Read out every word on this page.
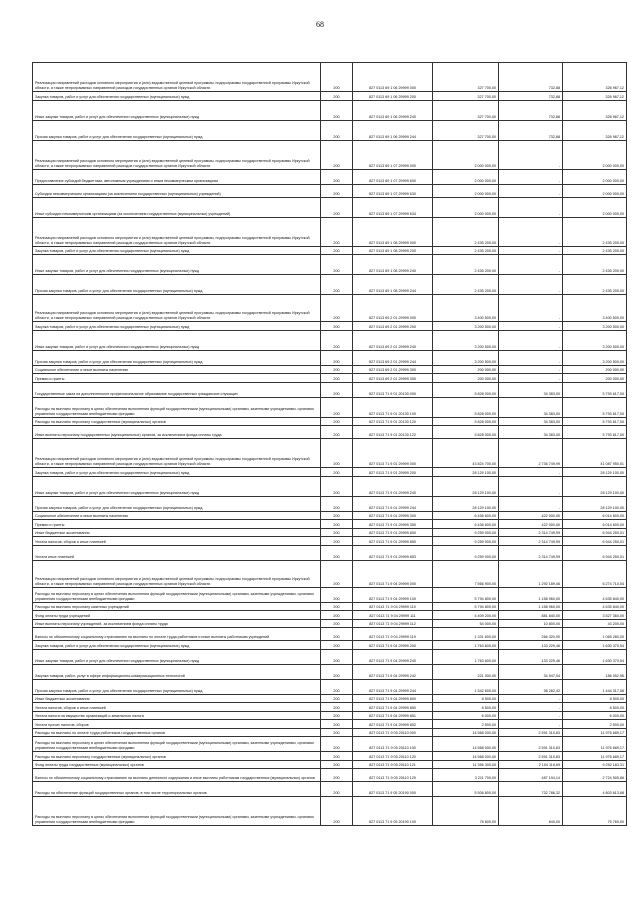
68
Реализация направлений расходов основного мероприятия и (или) ведомственной целевой программы, подпрограммы государственной программы Иркутской области, а также непрограммных направлений расходов государственных органов Иркутской области	200	827 0113 69 1 06 29999 000	327 700,00	732,88	326 967,12
Закупка товаров, работ и услуг для обеспечения государственных (муниципальных) нужд	200	827 0113 69 1 06 29999 200	327 700,00	732,88	326 967,12
Иные закупки товаров, работ и услуг для обеспечения государственных (муниципальных) нужд	200	827 0113 69 1 06 29999 240	327 700,00	732,88	326 967,12
Прочая закупка товаров, работ и услуг для обеспечения государственных (муниципальных) нужд	200	827 0113 69 1 06 29999 244	327 700,00	732,88	326 967,12
Реализация направлений расходов основного мероприятия и (или) ведомственной целевой программы, подпрограммы государственной программы Иркутской области, а также непрограммных направлений расходов государственных органов Иркутской области	200	827 0113 69 1 07 29999 000	2 000 000,00	-	2 000 000,00
Предоставление субсидий бюджетным, автономным учреждениям и иным некоммерческим организациям	200	827 0113 69 1 07 29999 600	2 000 000,00	-	2 000 000,00
Субсидии некоммерческим организациям (за исключением государственных (муниципальных) учреждений)	200	827 0113 69 1 07 29999 630	2 000 000,00	-	2 000 000,00
Иные субсидии некоммерческим организациям (за исключением государственных (муниципальных) учреждений)	200	827 0113 69 1 07 29999 634	2 000 000,00	-	2 000 000,00
Реализация направлений расходов основного мероприятия и (или) ведомственной целевой программы, подпрограммы государственной программы Иркутской области, а также непрограммных направлений расходов государственных органов Иркутской области	200	827 0113 69 1 08 29999 000	2 435 200,00	-	2 435 200,00
Закупка товаров, работ и услуг для обеспечения государственных (муниципальных) нужд	200	827 0113 69 1 08 29999 200	2 435 200,00	-	2 435 200,00
Иные закупки товаров, работ и услуг для обеспечения государственных (муниципальных) нужд	200	827 0113 69 1 08 29999 240	2 435 200,00	-	2 435 200,00
Прочая закупка товаров, работ и услуг для обеспечения государственных (муниципальных) нужд	200	827 0113 69 1 08 29999 244	2 435 200,00	-	2 435 200,00
Реализация направлений расходов основного мероприятия и (или) ведомственной целевой программы, подпрограммы государственной программы Иркутской области, а также непрограммных направлений расходов государственных органов Иркутской области	200	827 0113 69 2 01 29999 000	3 400 500,00	-	3 400 500,00
Закупка товаров, работ и услуг для обеспечения государственных (муниципальных) нужд	200	827 0113 69 2 01 29999 200	3 200 500,00	-	3 200 500,00
Иные закупки товаров, работ и услуг для обеспечения государственных (муниципальных) нужд	200	827 0113 69 2 01 29999 240	3 200 500,00	-	3 200 500,00
Прочая закупка товаров, работ и услуг для обеспечения государственных (муниципальных) нужд	200	827 0113 69 2 01 29999 244	3 200 500,00	-	3 200 500,00
Социальное обеспечение и иные выплаты населению	200	827 0113 69 2 01 29999 300	200 000,00	-	200 000,00
Премии и гранты	200	827 0113 69 2 01 29999 350	200 000,00	-	200 000,00
Государственные заказ на дополнительное профессиональное образование государственных гражданских служащих	200	827 0113 71 9 01 20130 000	5 828 000,00	34 383,00	5 793 617,00
Расходы на выплаты персоналу в целях обеспечения выполнения функций государственными (муниципальными) органами, казенными учреждениями, органами управления государственными внебюджетными фондами	200	827 0113 71 9 01 20130 100	5 828 000,00	34 383,00	5 793 617,00
Расходы на выплаты персоналу государственных (муниципальных) органов	200	827 0113 71 9 01 20130 120	5 828 000,00	34 383,00	5 793 617,00
Иные выплаты персоналу государственных (муниципальных) органов, за исключением фонда оплаты труда	200	827 0113 71 9 01 20130 122	5 828 000,00	34 383,00	5 793 617,00
Реализация направлений расходов основного мероприятия и (или) ведомственной целевой программы, подпрограммы государственной программы Иркутской области, а также непрограммных направлений расходов государственных органов Иркутской области	200	827 0113 71 9 01 29999 000	43 824 700,00	2 736 749,99	41 087 950,01
Закупка товаров, работ и услуг для обеспечения государственных (муниципальных) нужд	200	827 0113 71 9 01 29999 200	28 129 100,00	-	28 129 100,00
Иные закупки товаров, работ и услуг для обеспечения государственных (муниципальных) нужд	200	827 0113 71 9 01 29999 240	28 129 100,00	-	28 129 100,00
Прочая закупка товаров, работ и услуг для обеспечения государственных (муниципальных) нужд	200	827 0113 71 9 01 29999 244	28 129 100,00	-	28 129 100,00
Социальное обеспечение и иные выплаты населению	200	827 0113 71 9 01 29999 300	6 436 600,00	422 000,00	6 014 600,00
Премии и гранты	200	827 0113 71 9 01 29999 350	6 436 600,00	422 000,00	6 014 600,00
Иные бюджетные ассигнования	200	827 0113 71 9 01 29999 800	9 259 000,00	2 314 749,99	6 944 250,01
Уплата налогов, сборов и иных платежей	200	827 0113 71 9 01 29999 850	9 259 000,00	2 314 749,99	6 944 250,01
Уплата иных платежей	200	827 0113 71 9 01 29999 853	9 259 000,00	2 314 749,99	6 944 250,01
Реализация направлений расходов основного мероприятия и (или) ведомственной целевой программы, подпрограммы государственной программы Иркутской области, а также непрограммных направлений расходов государственных органов Иркутской области	200	827 0113 71 9 04 29999 000	7 566 900,00	1 292 189,46	6 274 710,54
Расходы на выплаты персоналу в целях обеспечения выполнения функций государственными (муниципальными) органами, казенными учреждениями, органами управления государственными внебюджетными фондами	200	827 0113 71 9 04 29999 100	5 794 800,00	1 158 960,00	4 635 840,00
Расходы на выплаты персоналу казенных учреждений	200	827 0113 71 9 04 29999 110	5 794 800,00	1 158 960,00	4 635 840,00
Фонд оплаты труда учреждений	200	827 0113 71 9 04 29999 111	4 409 200,00	881 840,00	3 527 360,00
Иные выплаты персоналу учреждений, за исключением фонда оплаты труда	200	827 0113 71 9 04 29999 112	54 000,00	10 800,00	43 200,00
Взносы по обязательному социальному страхованию на выплаты по оплате труда работников и иные выплаты работникам учреждений	200	827 0113 71 9 04 29999 119	1 331 600,00	266 320,00	1 065 280,00
Закупка товаров, работ и услуг для обеспечения государственных (муниципальных) нужд	200	827 0113 71 9 04 29999 200	1 763 600,00	133 229,46	1 630 370,54
Иные закупки товаров, работ и услуг для обеспечения государственных (муниципальных) нужд	200	827 0113 71 9 04 29999 240	1 763 600,00	133 229,46	1 630 370,54
Закупка товаров, работ, услуг в сфере информационно-коммуникационных технологий	200	827 0113 71 9 04 29999 242	221 000,00	34 947,04	186 052,96
Прочая закупка товаров, работ и услуг для обеспечения государственных (муниципальных) нужд	200	827 0113 71 9 04 29999 244	1 542 600,00	98 282,42	1 444 317,58
Иные бюджетные ассигнования	200	827 0113 71 9 04 29999 800	8 500,00	-	8 500,00
Уплата налогов, сборов и иных платежей	200	827 0113 71 9 04 29999 850	8 500,00	-	8 500,00
Уплата налога на имущество организаций и земельного налога	200	827 0113 71 9 04 29999 851	6 000,00	-	6 000,00
Уплата прочих налогов, сборов	200	827 0113 71 9 04 29999 852	2 500,00	-	2 500,00
Расходы на выплаты по оплате труда работников государственных органов	200	827 0113 71 9 05 20110 000	14 568 000,00	2 591 310,83	11 976 689,17
Расходы на выплаты персоналу в целях обеспечения выполнения функций государственными (муниципальными) органами, казенными учреждениями, органами управления государственными внебюджетными фондами	200	827 0113 71 9 05 20110 100	14 568 000,00	2 591 310,83	11 976 689,17
Расходы на выплаты персоналу государственных (муниципальных) органов	200	827 0113 71 9 05 20110 120	14 568 000,00	2 591 310,83	11 976 689,17
Фонд оплаты труда государственных (муниципальных) органов	200	827 0113 71 9 05 20110 121	11 356 300,00	2 104 116,69	9 252 183,31
Взносы по обязательному социальному страхованию на выплаты денежного содержания и иные выплаты работникам государственных (муниципальных) органов	200	827 0113 71 9 05 20110 129	3 211 700,00	487 194,14	2 724 505,86
Расходы на обеспечение функций государственных органов, в том числе территориальных органов	200	827 0113 71 9 05 20190 000	5 506 800,00	732 786,32	4 803 613,68
Расходы на выплаты персоналу в целях обеспечения выполнения функций государственными (муниципальными) органами, казенными учреждениями, органами управления государственными внебюджетными фондами	200	827 0113 71 9 05 20190 100	76 600,00	840,00	75 760,00
